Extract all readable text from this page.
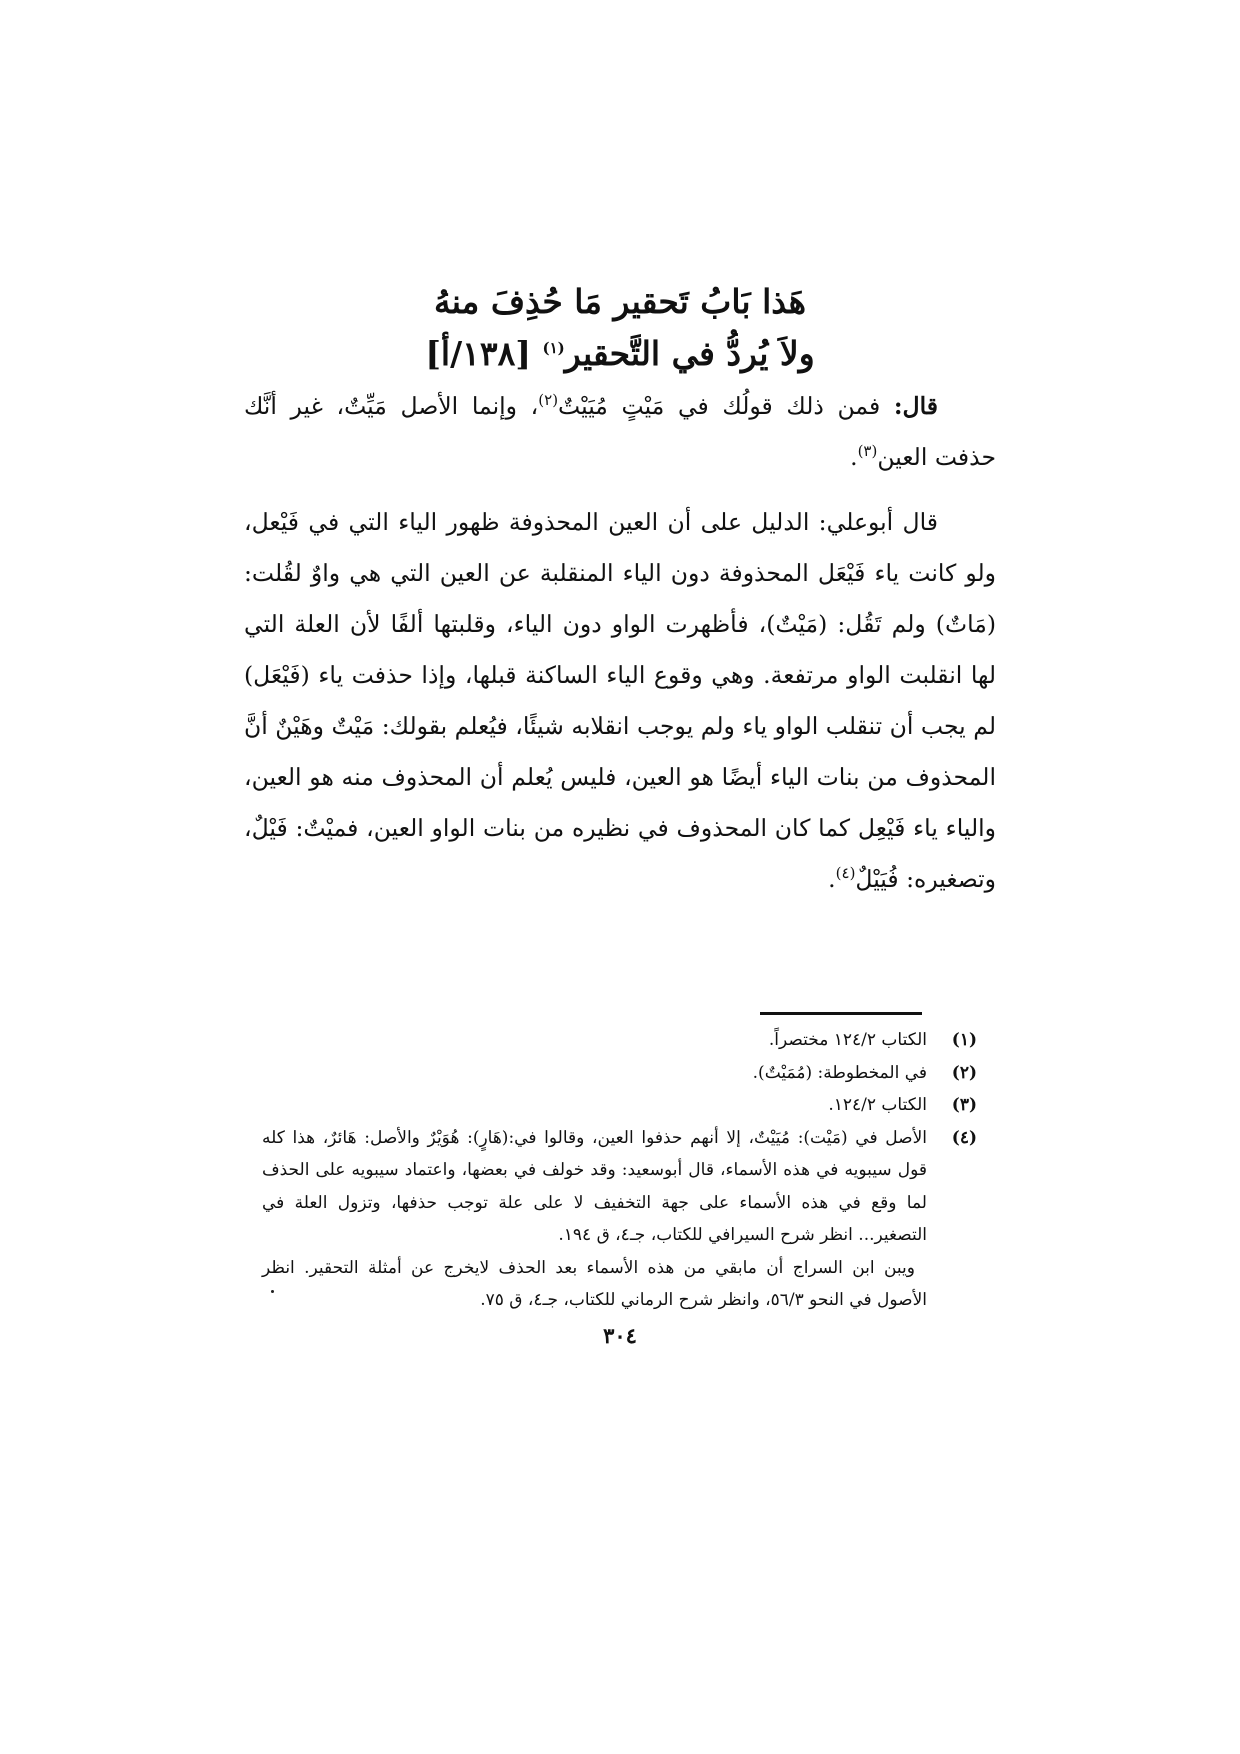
هَذا بَابُ تَحقير مَا حُذِفَ منهُ
ولاَ يُردُّ في التَّحقير$^{(١)}$ [١٣٨/أ]

قال: فمن ذلك قولُك في مَيْتٍ مُيَيْتٌ$^{(٢)}$، وإنما الأصل مَيِّتٌ، غير أنَّك حذفت العين$^{(٣)}$.

قال أبوعلي: الدليل على أن العين المحذوفة ظهور الياء التي في فَيْعل، ولو كانت ياء فَيْعَل المحذوفة دون الياء المنقلبة عن العين التي هي واوٌ لقُلت: (مَاتٌ) ولم تَقُل: (مَيْتٌ)، فأظهرت الواو دون الياء، وقلبتها ألفًا لأن العلة التي لها انقلبت الواو مرتفعة. وهي وقوع الياء الساكنة قبلها، وإذا حذفت ياء (فَيْعَل) لم يجب أن تنقلب الواو ياء ولم يوجب انقلابه شيئًا، فيُعلم بقولك: مَيْتٌ وهَيْنٌ أنَّ المحذوف من بنات الياء أيضًا هو العين، فليس يُعلم أن المحذوف منه هو العين، والياء ياء فَيْعِل كما كان المحذوف في نظيره من بنات الواو العين، فميْتٌ: فَيْلٌ، وتصغيره: فُيَيْلٌ$^{(٤)}$.

(١)
الكتاب ١٢٤/٢ مختصراً.
(٢)
في المخطوطة: (مُمَيْتٌ).
(٣)
الكتاب ١٢٤/٢.
(٤)
الأصل في (مَيْت): مُيَيْتٌ، إلا أنهم حذفوا العين، وقالوا في:(هَارٍ): هُوَيْرٌ والأصل: هَائرٌ، هذا كله قول سيبويه في هذه الأسماء، قال أبوسعيد: وقد خولف في بعضها، واعتماد سيبويه على الحذف لما وقع في هذه الأسماء على جهة التخفيف لا على علة توجب حذفها، وتزول العلة في التصغير... انظر شرح السيرافي للكتاب، جـ٤، ق ١٩٤.
ويبن ابن السراج أن مابقي من هذه الأسماء بعد الحذف لايخرج عن أمثلة التحقير. انظر الأصول في النحو ٥٦/٣، وانظر شرح الرماني للكتاب، جـ٤، ق ٧٥.
٣٠٤
